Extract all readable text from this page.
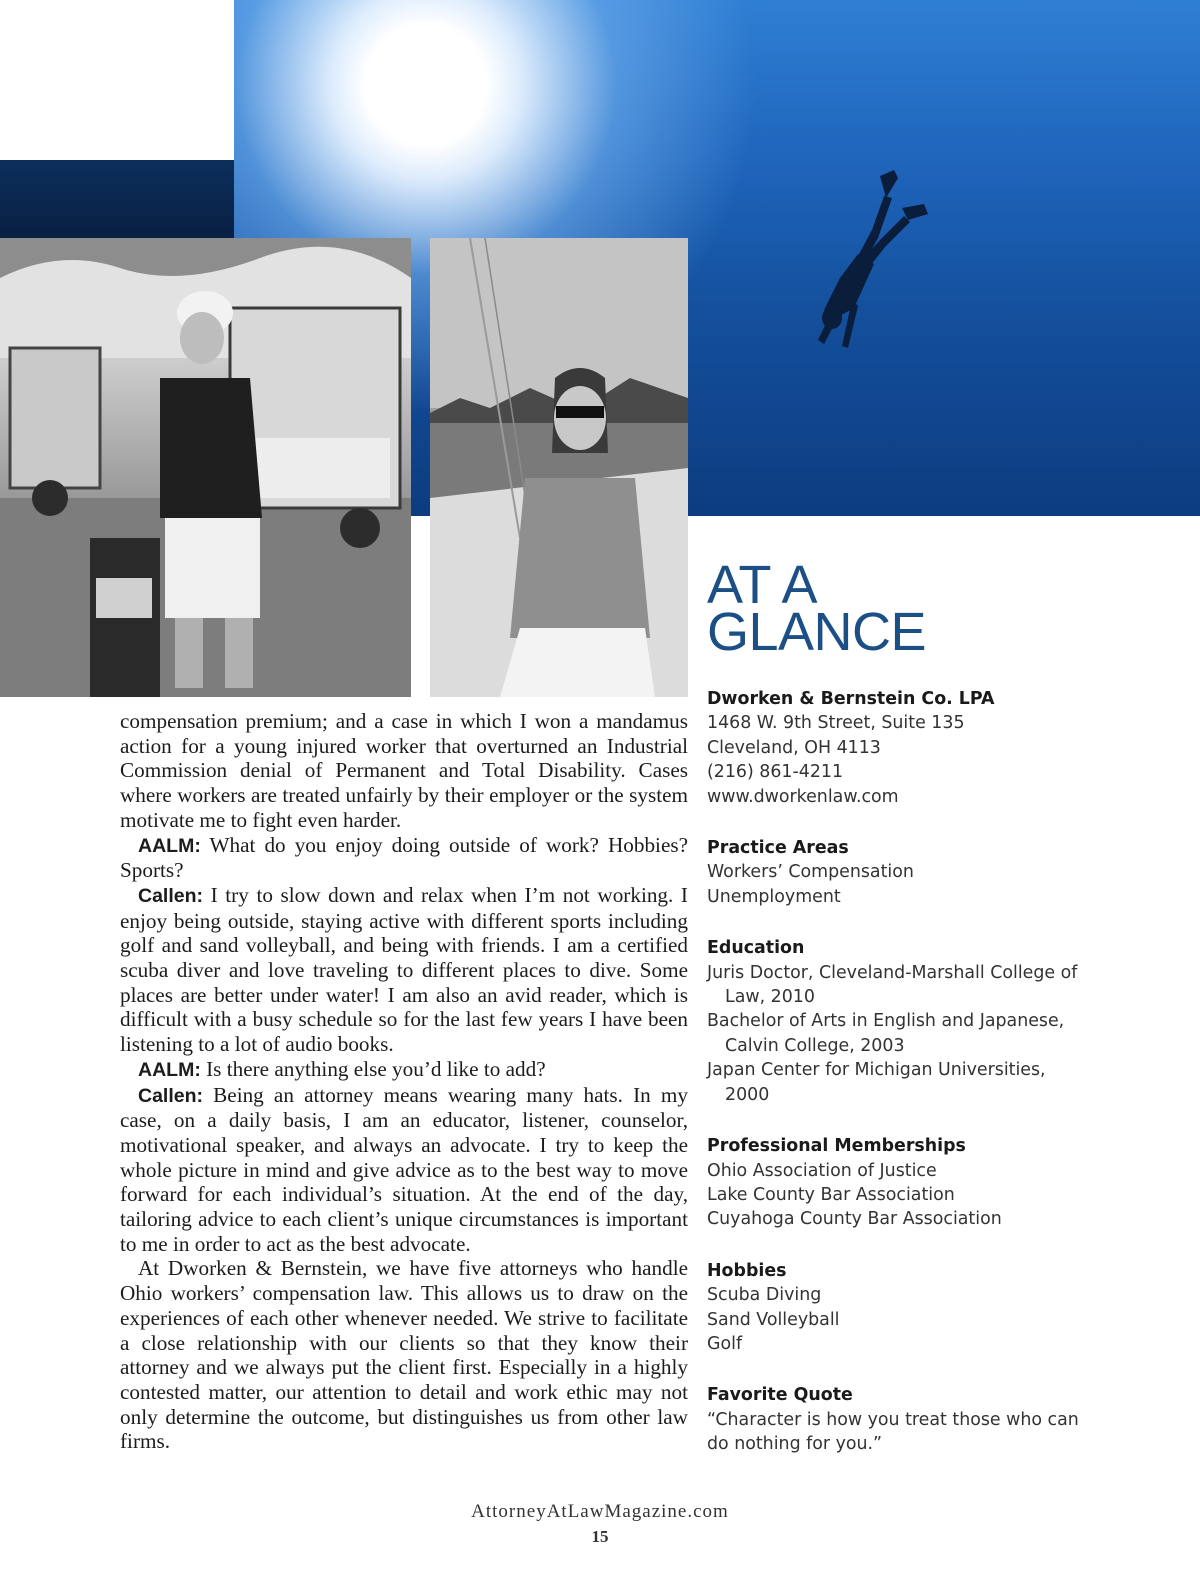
compensation premium; and a case in which I won a mandamus action for a young injured worker that overturned an Industrial Commission denial of Permanent and Total Disability. Cases where workers are treated unfairly by their employer or the system motivate me to fight even harder.

AALM: What do you enjoy doing outside of work? Hobbies? Sports?

Callen: I try to slow down and relax when I’m not working. I enjoy being outside, staying active with different sports including golf and sand volleyball, and being with friends. I am a certified scuba diver and love traveling to different places to dive. Some places are better under water! I am also an avid reader, which is difficult with a busy schedule so for the last few years I have been listening to a lot of audio books.

AALM: Is there anything else you’d like to add?

Callen: Being an attorney means wearing many hats. In my case, on a daily basis, I am an educator, listener, counselor, motivational speaker, and always an advocate. I try to keep the whole picture in mind and give advice as to the best way to move forward for each individual’s situation. At the end of the day, tailoring advice to each client’s unique circumstances is important to me in order to act as the best advocate.

At Dworken & Bernstein, we have five attorneys who handle Ohio workers’ compensation law. This allows us to draw on the experiences of each other whenever needed. We strive to facilitate a close relationship with our clients so that they know their attorney and we always put the client first. Especially in a highly contested matter, our attention to detail and work ethic may not only determine the outcome, but distinguishes us from other law firms.

AT A
GLANCE
Dworken & Bernstein Co. LPA
1468 W. 9th Street, Suite 135
Cleveland, OH 4113
(216) 861-4211
www.dworkenlaw.com
Practice Areas
Workers’ Compensation
Unemployment
Education
Juris Doctor, Cleveland-Marshall College of Law, 2010
Bachelor of Arts in English and Japanese, Calvin College, 2003
Japan Center for Michigan Universities, 2000
Professional Memberships
Ohio Association of Justice
Lake County Bar Association
Cuyahoga County Bar Association
Hobbies
Scuba Diving
Sand Volleyball
Golf
Favorite Quote
“Character is how you treat those who can do nothing for you.”
AttorneyAtLawMagazine.com
15
